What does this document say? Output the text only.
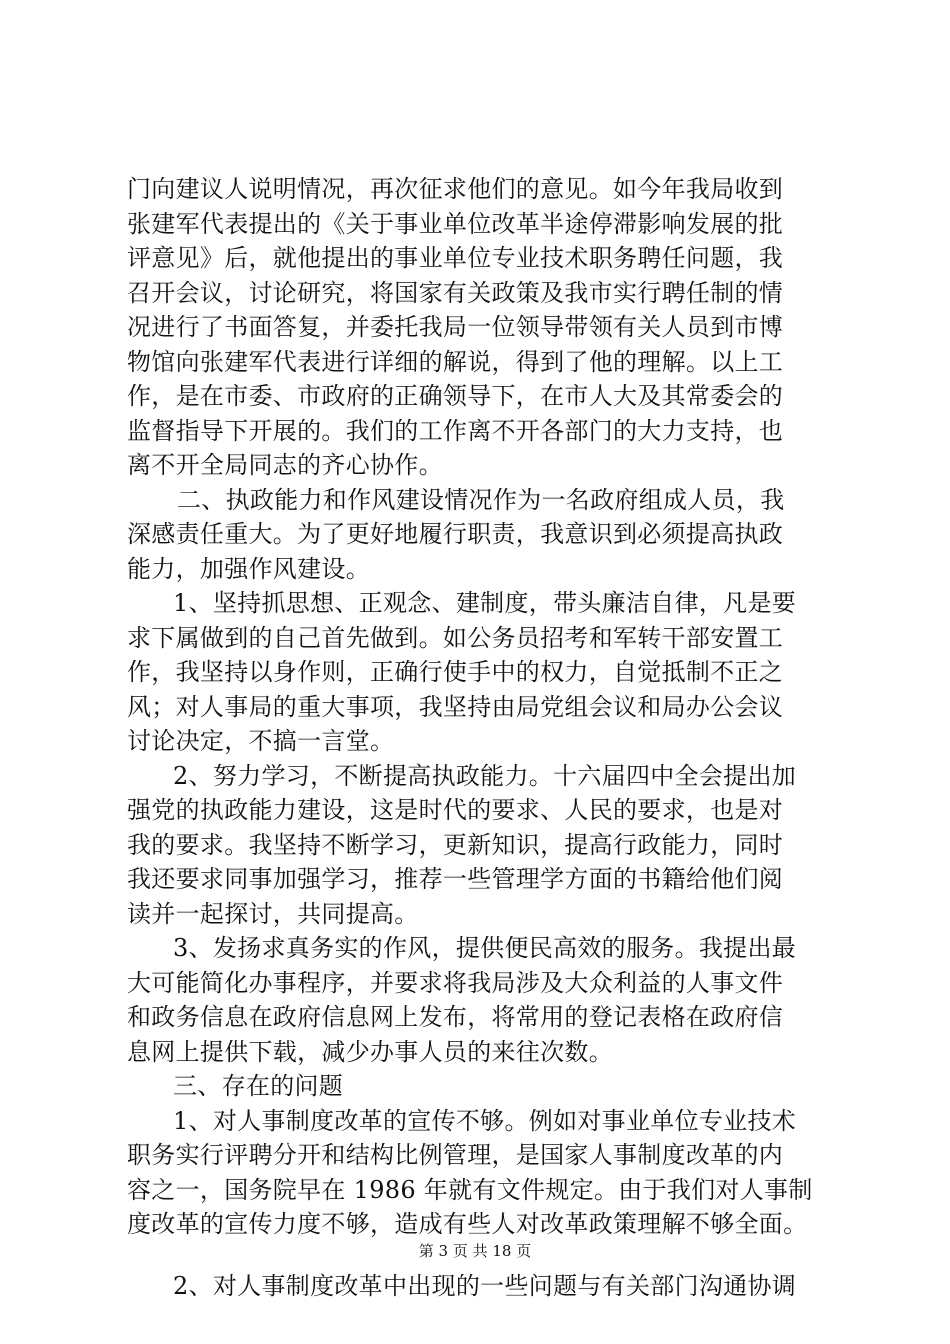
门向建议人说明情况，再次征求他们的意见。如今年我局收到
张建军代表提出的《关于事业单位改革半途停滞影响发展的批
评意见》后，就他提出的事业单位专业技术职务聘任问题，我
召开会议，讨论研究，将国家有关政策及我市实行聘任制的情
况进行了书面答复，并委托我局一位领导带领有关人员到市博
物馆向张建军代表进行详细的解说，得到了他的理解。以上工
作，是在市委、市政府的正确领导下，在市人大及其常委会的
监督指导下开展的。我们的工作离不开各部门的大力支持，也
离不开全局同志的齐心协作。
二、执政能力和作风建设情况作为一名政府组成人员，我
深感责任重大。为了更好地履行职责，我意识到必须提高执政
能力，加强作风建设。
1、坚持抓思想、正观念、建制度，带头廉洁自律，凡是要
求下属做到的自己首先做到。如公务员招考和军转干部安置工
作，我坚持以身作则，正确行使手中的权力，自觉抵制不正之
风；对人事局的重大事项，我坚持由局党组会议和局办公会议
讨论决定，不搞一言堂。
2、努力学习，不断提高执政能力。十六届四中全会提出加
强党的执政能力建设，这是时代的要求、人民的要求，也是对
我的要求。我坚持不断学习，更新知识，提高行政能力，同时
我还要求同事加强学习，推荐一些管理学方面的书籍给他们阅
读并一起探讨，共同提高。
3、发扬求真务实的作风，提供便民高效的服务。我提出最
大可能简化办事程序，并要求将我局涉及大众利益的人事文件
和政务信息在政府信息网上发布，将常用的登记表格在政府信
息网上提供下载，减少办事人员的来往次数。
三、存在的问题
1、对人事制度改革的宣传不够。例如对事业单位专业技术
职务实行评聘分开和结构比例管理，是国家人事制度改革的内
容之一，国务院早在 1986 年就有文件规定。由于我们对人事制
度改革的宣传力度不够，造成有些人对改革政策理解不够全面。
2、对人事制度改革中出现的一些问题与有关部门沟通协调
第 3 页 共 18 页
